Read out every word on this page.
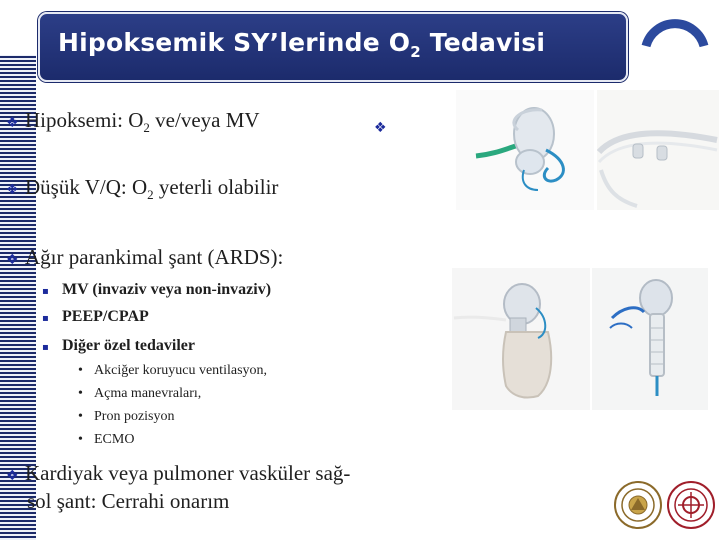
Hipoksemik SY’lerinde $O_2$ Tedavisi
❖ Hipoksemi: $O_2$ ve/veya MV	❖
❖ Düşük V/Q: $O_2$ yeterli olabilir
❖ Ağır parankimal şant (ARDS):
▪ MV (invaziv veya non-invaziv)
▪ PEEP/CPAP
▪ Diğer özel tedaviler
• Akciğer koruyucu ventilasyon,
• Açma manevraları,
• Pron pozisyon
• ECMO
❖ Kardiyak veya pulmoner vasküler sağ-
sol şant: Cerrahi onarım
